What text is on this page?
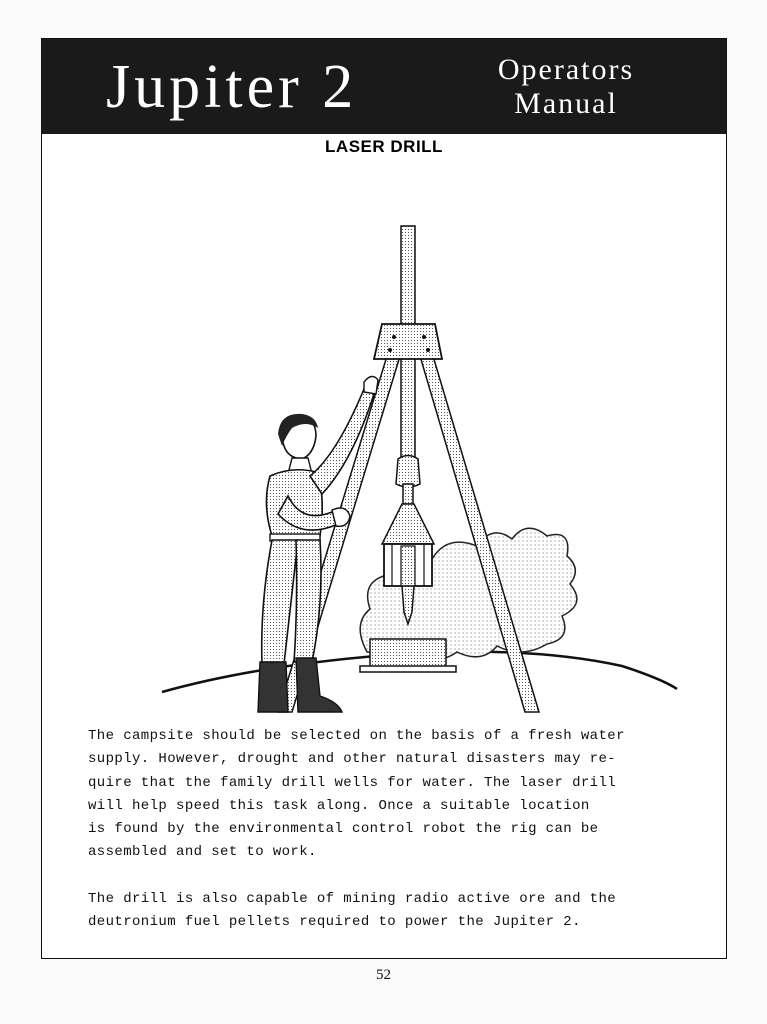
Jupiter 2	Operators
Manual
LASER DRILL

The campsite should be selected on the basis of a fresh water
supply. However, drought and other natural disasters may re-
quire that the family drill wells for water. The laser drill
will help speed this task along. Once a suitable location
is found by the environmental control robot the rig can be
assembled and set to work.

The drill is also capable of mining radio active ore and the
deutronium fuel pellets required to power the Jupiter 2.

52
